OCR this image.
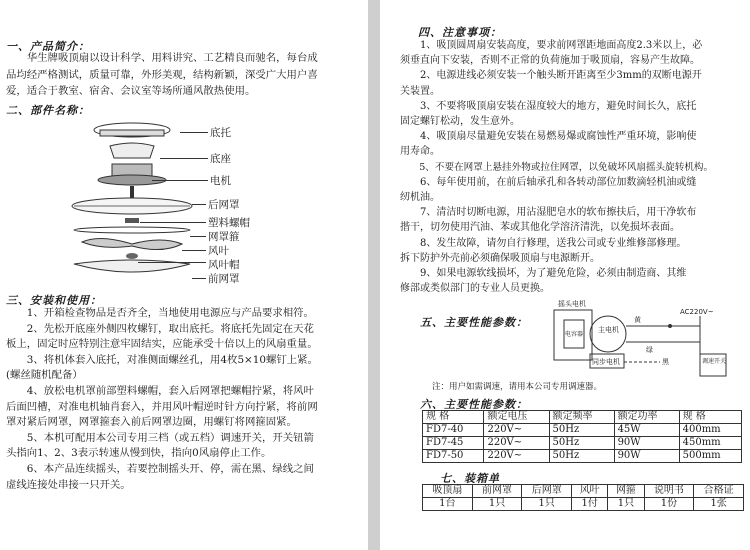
一、产品简介：
华生牌吸顶扇以设计科学、用料讲究、工艺精良而驰名，每台成
品均经严格测试，质量可靠，外形美观，结构新颖，深受广大用户喜
爱，适合于教室、宿舍、会议室等场所通风散热使用。
二、部件名称：
底托
底座
电机
后网罩
塑料螺帽
网罩箍
风叶
风叶帽
前网罩
三、安装和使用：
1、开箱检查物品是否齐全，当地使用电源应与产品要求相符。
2、先松开底座外侧四枚螺钉，取出底托。将底托先固定在天花
板上，固定时应特别注意牢固结实，应能承受十倍以上的风扇重量。
3、将机体套入底托，对准侧面螺丝孔，用4枚5×10螺钉上紧。
(螺丝随机配备）
4、放松电机罩前部塑料螺帽，套入后网罩把螺帽拧紧，将风叶
后面凹槽，对准电机轴肖套入，并用风叶帽逆时针方向拧紧，将前网
罩对紧后网罩，网罩箍套入前后网罩边圈，用螺钉将网箍固紧。
5、本机可配用本公司专用三档（或五档）调速开关，开关钮箭
头指向1、2、3表示转速从慢到快，指向0风扇停止工作。
6、本产品连续摇头，若要控制摇头开、停，需在黑、绿线之间
虚线连接处串接一只开关。
四、注意事项：
1、吸顶圆周扇安装高度，要求前网罩距地面高度2.3米以上，必
须垂直向下安装，否则不正常的负荷施加于吸顶扇，容易产生故障。
2、电源进线必须安装一个触头断开距离至少3mm的双断电源开
关装置。
3、不要将吸顶扇安装在湿度较大的地方，避免时间长久，底托
固定螺钉松动，发生意外。
4、吸顶扇尽量避免安装在易燃易爆或腐蚀性严重环境，影响使
用寿命。
5、不要在网罩上悬挂外物或拉住网罩，以免破坏风扇摇头旋转机构。
6、每年使用前，在前后轴承孔和各转动部位加数滴轻机油或缝
纫机油。
7、清洁时切断电源，用沾湿肥皂水的软布擦扶后，用干净软布
揩干，切勿使用汽油、苯或其他化学溶济清洗，以免损坏表面。
8、发生故障，请勿自行修理，送我公司或专业维修部修理。
拆下防护外壳前必须确保吸顶扇与电源断开。
9、如果电源软线损坏，为了避免危险，必须由制造商、其维
修部或类似部门的专业人员更换。
五、主要性能参数：
摇头电机
主电机
电容器
黄
绿
AC220V~
调速开关
同步电机	黑
注：用户如需调速，请用本公司专用调速器。
六、主要性能参数：
规 格	额定电压	额定频率	额定功率	规 格
FD7-40	220V~	50Hz	45W	400mm
FD7-45	220V~	50Hz	90W	450mm
FD7-50	220V~	50Hz	90W	500mm
七、装箱单
吸顶扇	前网罩	后网罩	风叶	网箍	说明书	合格证
1台	1只	1只	1付	1只	1份	1张
